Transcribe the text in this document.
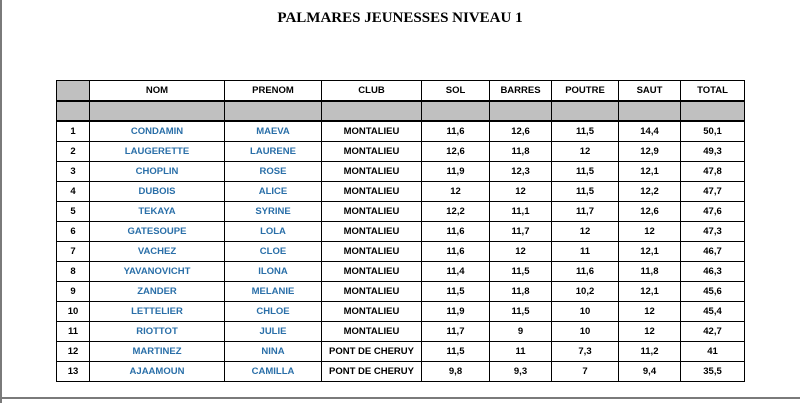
PALMARES JEUNESSES NIVEAU 1
	NOM	PRENOM	CLUB	SOL	BARRES	POUTRE	SAUT	TOTAL

1	CONDAMIN	MAEVA	MONTALIEU	11,6	12,6	11,5	14,4	50,1
2	LAUGERETTE	LAURENE	MONTALIEU	12,6	11,8	12	12,9	49,3
3	CHOPLIN	ROSE	MONTALIEU	11,9	12,3	11,5	12,1	47,8
4	DUBOIS	ALICE	MONTALIEU	12	12	11,5	12,2	47,7
5	TEKAYA	SYRINE	MONTALIEU	12,2	11,1	11,7	12,6	47,6
6	GATESOUPE	LOLA	MONTALIEU	11,6	11,7	12	12	47,3
7	VACHEZ	CLOE	MONTALIEU	11,6	12	11	12,1	46,7
8	YAVANOVICHT	ILONA	MONTALIEU	11,4	11,5	11,6	11,8	46,3
9	ZANDER	MELANIE	MONTALIEU	11,5	11,8	10,2	12,1	45,6
10	LETTELIER	CHLOE	MONTALIEU	11,9	11,5	10	12	45,4
11	RIOTTOT	JULIE	MONTALIEU	11,7	9	10	12	42,7
12	MARTINEZ	NINA	PONT DE CHERUY	11,5	11	7,3	11,2	41
13	AJAAMOUN	CAMILLA	PONT DE CHERUY	9,8	9,3	7	9,4	35,5
